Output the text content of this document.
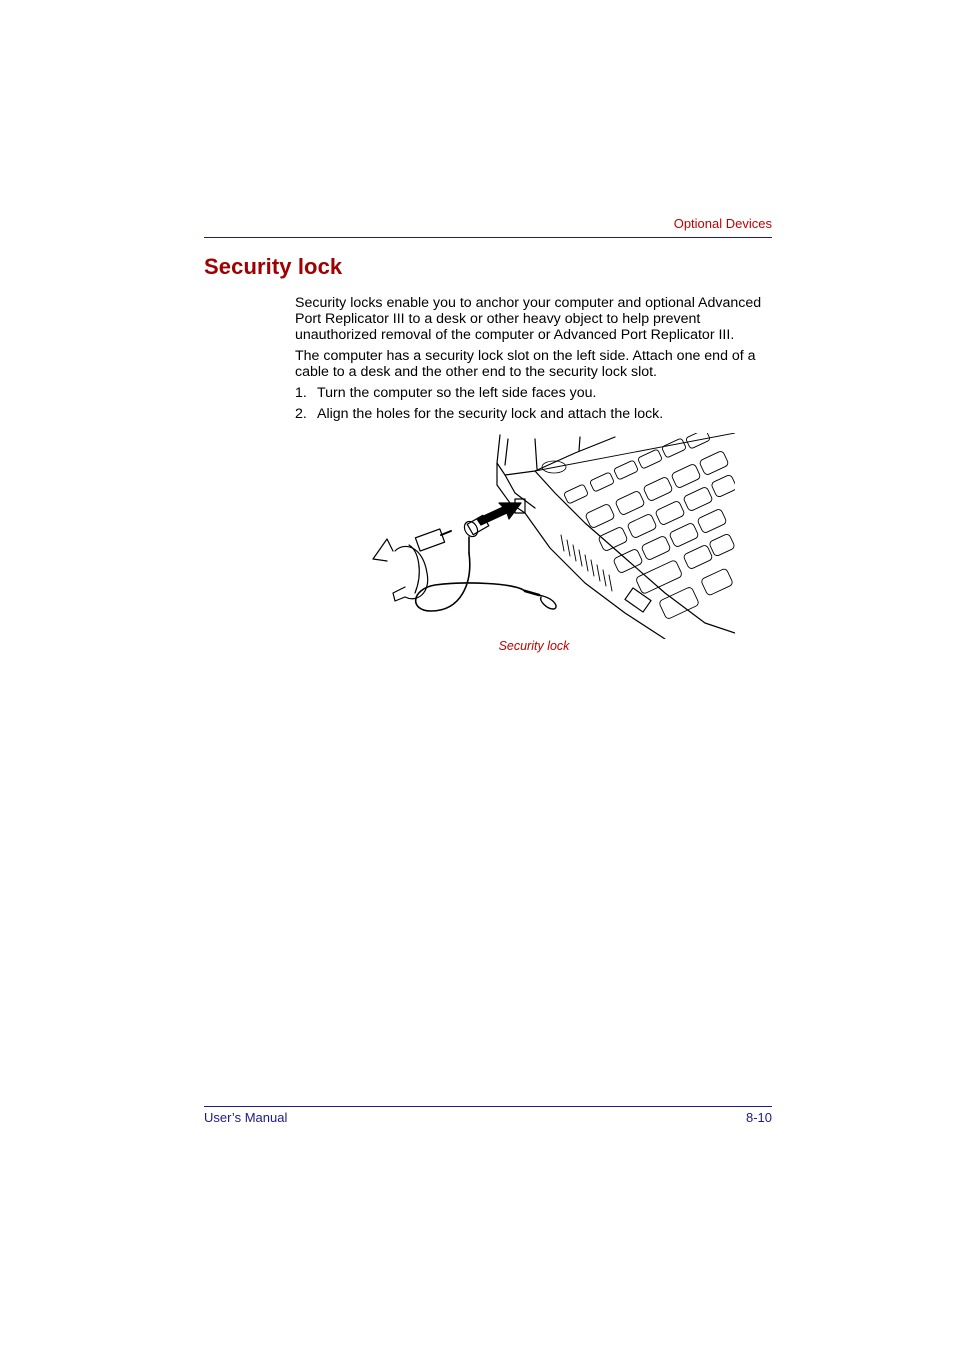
Optional Devices
Security lock
Security locks enable you to anchor your computer and optional Advanced Port Replicator III to a desk or other heavy object to help prevent unauthorized removal of the computer or Advanced Port Replicator III.
The computer has a security lock slot on the left side. Attach one end of a cable to a desk and the other end to the security lock slot.
1. Turn the computer so the left side faces you.
2. Align the holes for the security lock and attach the lock.
Security lock
User’s Manual	8-10
